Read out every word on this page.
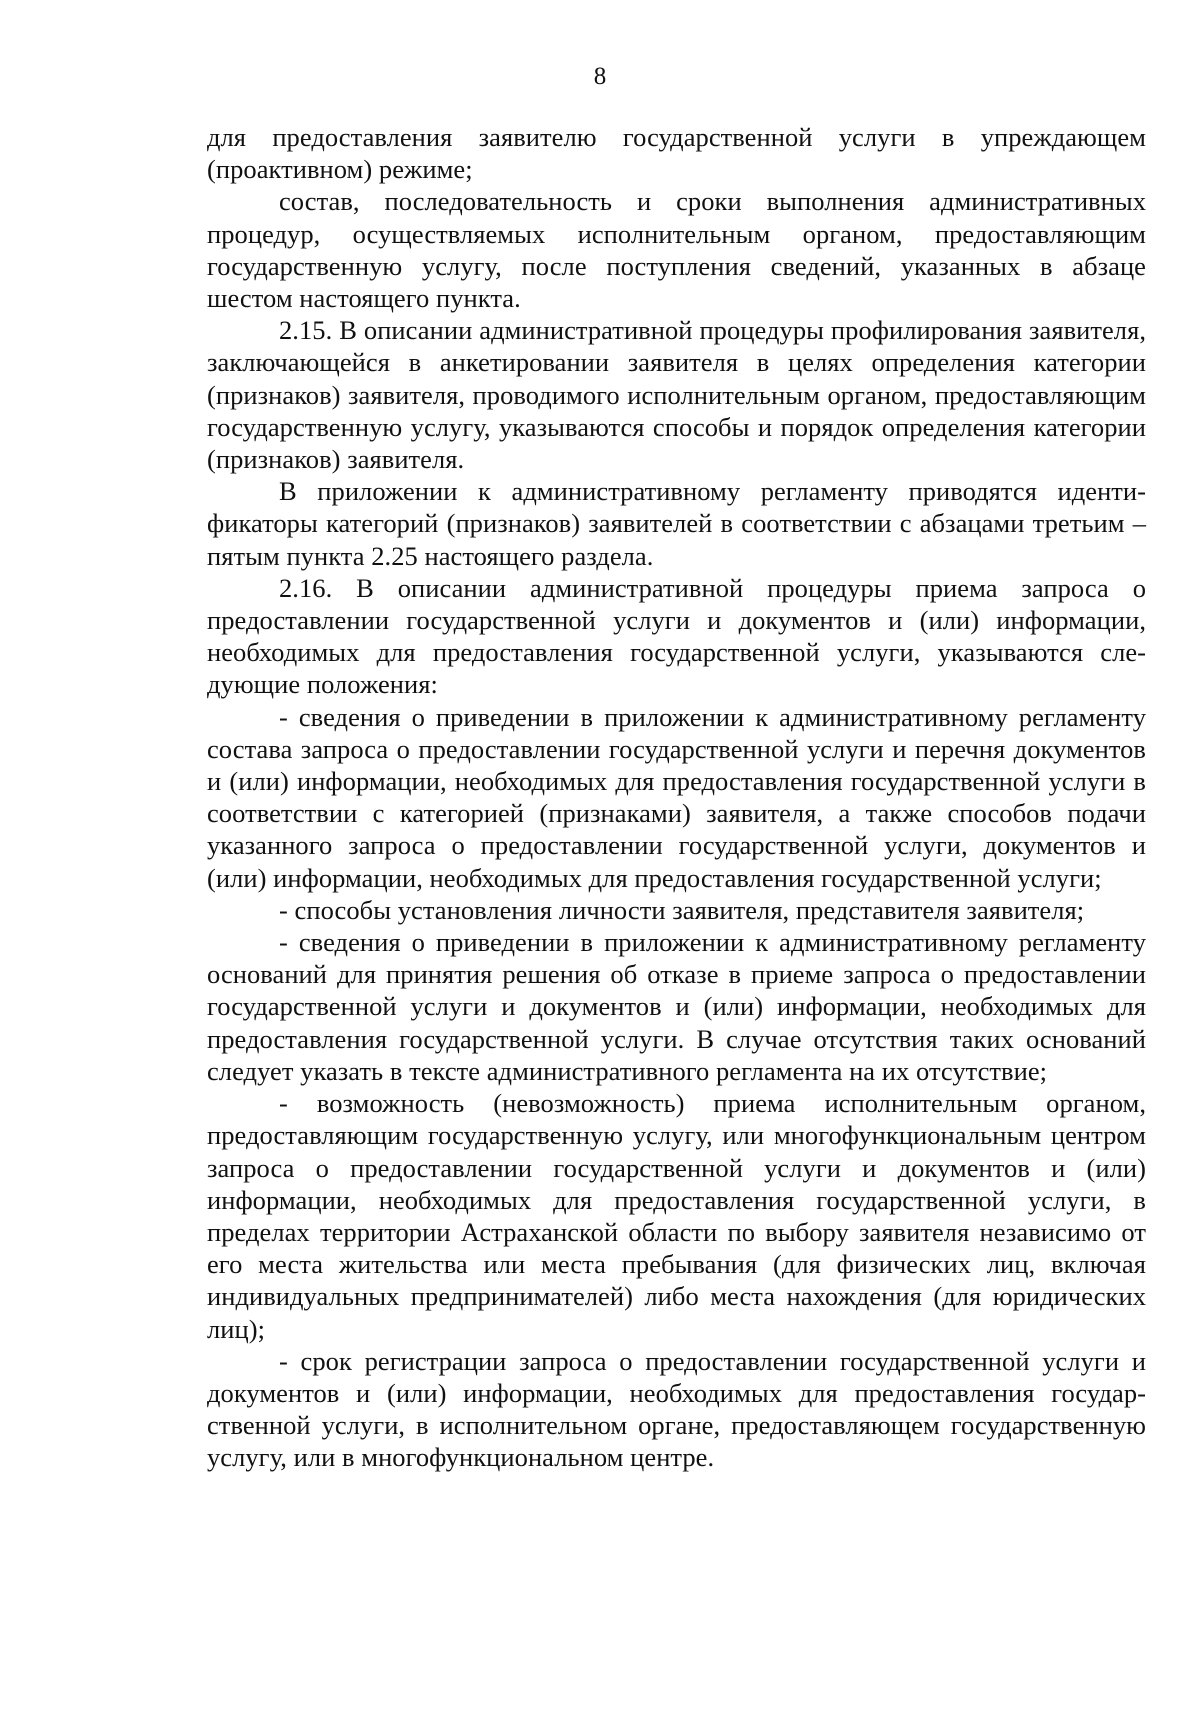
8

для предоставления заявителю государственной услуги в упреждающем (проактивном) режиме;

состав, последовательность и сроки выполнения административных процедур, осуществляемых исполнительным органом, предоставляющим государственную услугу, после поступления сведений, указанных в абзаце шестом настоящего пункта.

2.15. В описании административной процедуры профилирования заявителя, заключающейся в анкетировании заявителя в целях определения категории (признаков) заявителя, проводимого исполнительным органом, предоставляющим государственную услугу, указываются способы и порядок определения категории (признаков) заявителя.

В приложении к административному регламенту приводятся идентификаторы категорий (признаков) заявителей в соответствии с абзацами третьим – пятым пункта 2.25 настоящего раздела.

2.16. В описании административной процедуры приема запроса о предоставлении государственной услуги и документов и (или) информации, необходимых для предоставления государственной услуги, указываются следующие положения:

- сведения о приведении в приложении к административному регламенту состава запроса о предоставлении государственной услуги и перечня документов и (или) информации, необходимых для предоставления государственной услуги в соответствии с категорией (признаками) заявителя, а также способов подачи указанного запроса о предоставлении государственной услуги, документов и (или) информации, необходимых для предоставления государственной услуги;

- способы установления личности заявителя, представителя заявителя;

- сведения о приведении в приложении к административному регламенту оснований для принятия решения об отказе в приеме запроса о предоставлении государственной услуги и документов и (или) информации, необходимых для предоставления государственной услуги. В случае отсутствия таких оснований следует указать в тексте административного регламента на их отсутствие;

- возможность (невозможность) приема исполнительным органом, предоставляющим государственную услугу, или многофункциональным центром запроса о предоставлении государственной услуги и документов и (или) информации, необходимых для предоставления государственной услуги, в пределах территории Астраханской области по выбору заявителя независимо от его места жительства или места пребывания (для физических лиц, включая индивидуальных предпринимателей) либо места нахождения (для юридических лиц);

- срок регистрации запроса о предоставлении государственной услуги и документов и (или) информации, необходимых для предоставления государственной услуги, в исполнительном органе, предоставляющем государственную услугу, или в многофункциональном центре.
